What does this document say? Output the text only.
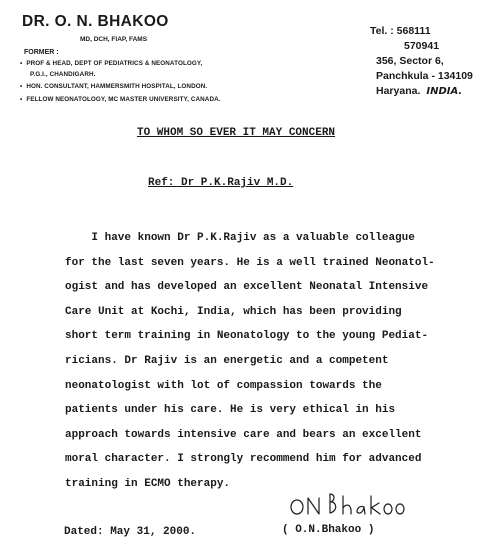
DR. O. N. BHAKOO
MD, DCH, FIAP, FAMS
FORMER :
• PROF & HEAD, DEPT OF PEDIATRICS & NEONATOLOGY,
P.G.I., CHANDIGARH.
• HON. CONSULTANT, HAMMERSMITH HOSPITAL, LONDON.
• FELLOW NEONATOLOGY, MC MASTER UNIVERSITY, CANADA.
Tel. : 568111
570941
356, Sector 6,
Panchkula - 134109
Haryana. INDIA.
TO WHOM SO EVER IT MAY CONCERN
Ref: Dr P.K.Rajiv M.D.
I have known Dr P.K.Rajiv as a valuable colleague
for the last seven years. He is a well trained Neonatol-
ogist and has developed an excellent Neonatal Intensive
Care Unit at Kochi, India, which has been providing
short term training in Neonatology to the young Pediat-
ricians. Dr Rajiv is an energetic and a competent
neonatologist with lot of compassion towards the
patients under his care. He is very ethical in his
approach towards intensive care and bears an excellent
moral character. I strongly recommend him for advanced
training in ECMO therapy.
Dated: May 31, 2000.	( O.N.Bhakoo )
